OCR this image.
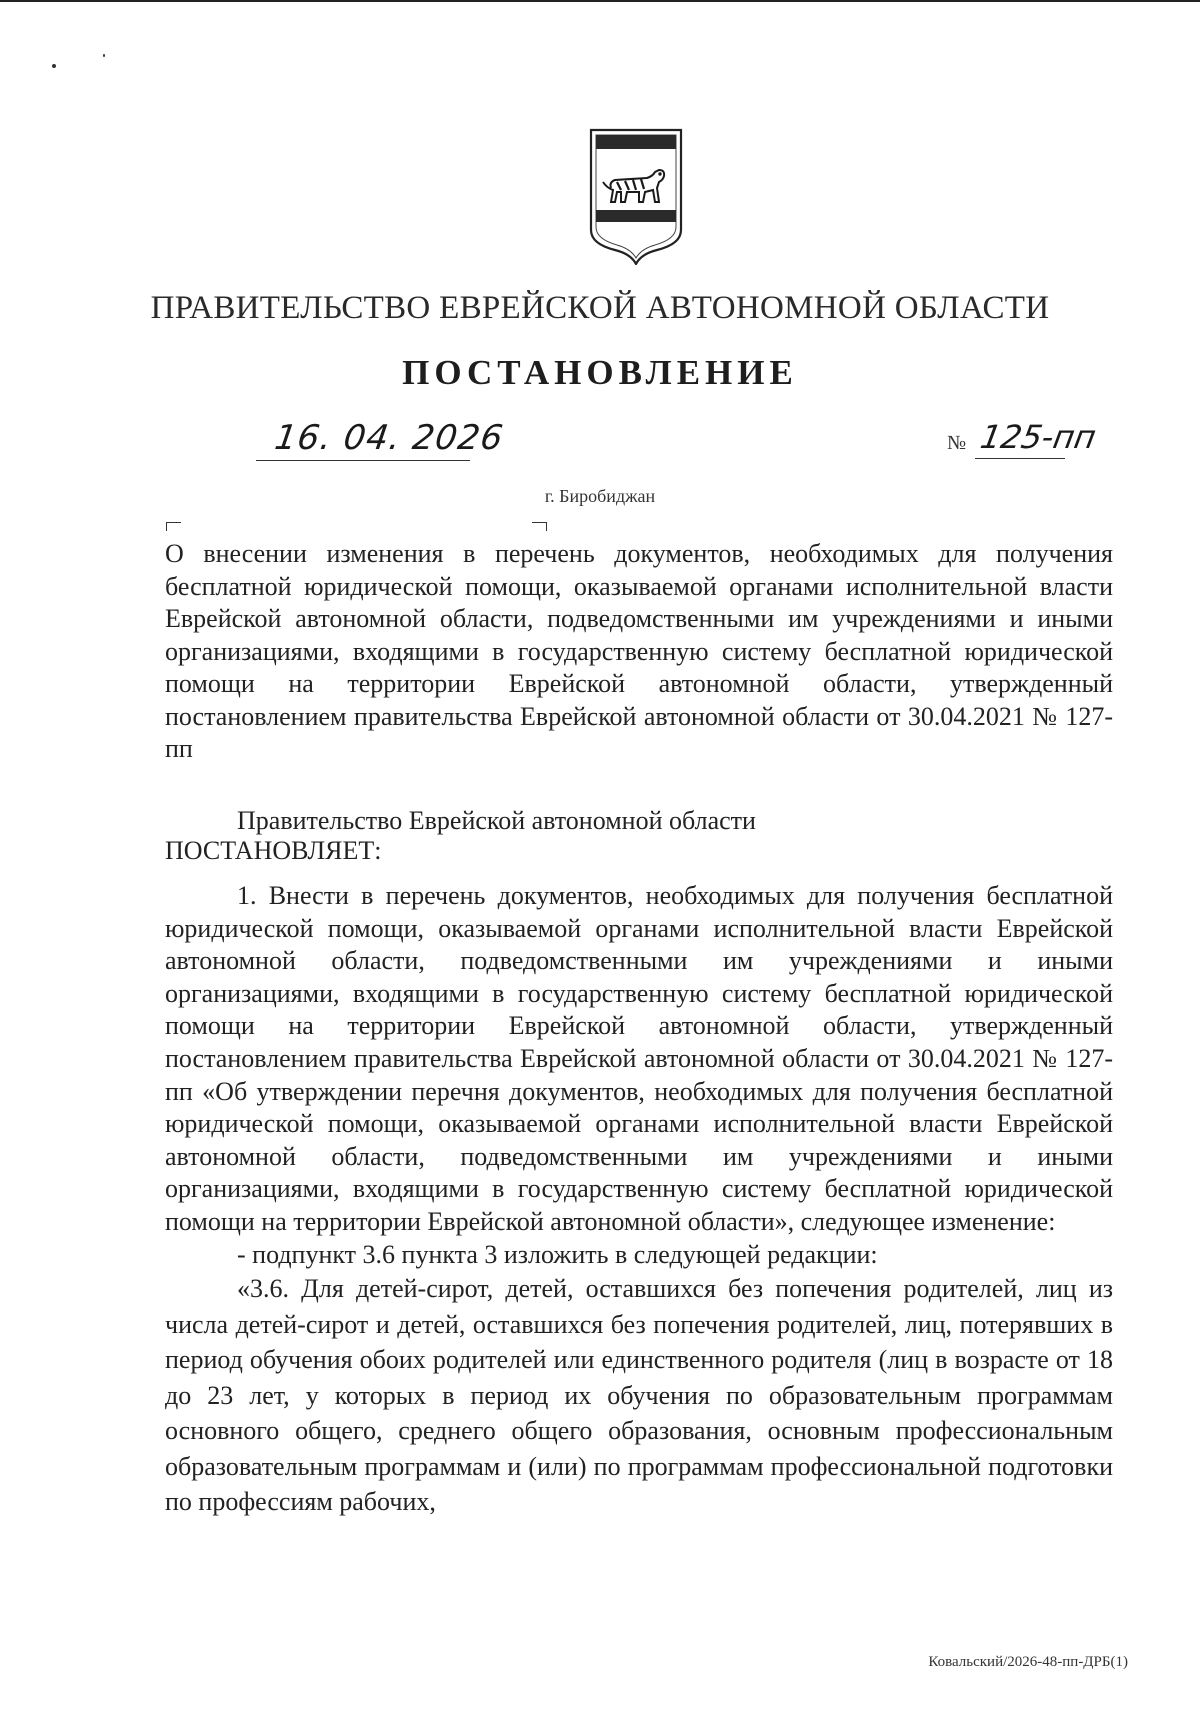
ПРАВИТЕЛЬСТВО ЕВРЕЙСКОЙ АВТОНОМНОЙ ОБЛАСТИ
ПОСТАНОВЛЕНИЕ
16. 04. 2026	№ 125-пп
г. Биробиджан
О внесении изменения в перечень документов, необходимых для получения бесплатной юридической помощи, оказываемой органами исполнительной власти Еврейской автономной области, подведомственными им учреждениями и иными организациями, входящими в государственную систему бесплатной юридической помощи на территории Еврейской автономной области, утвержденный постановлением правительства Еврейской автономной области от 30.04.2021 № 127-пп
Правительство Еврейской автономной области
ПОСТАНОВЛЯЕТ:

1. Внести в перечень документов, необходимых для получения бесплатной юридической помощи, оказываемой органами исполнительной власти Еврейской автономной области, подведомственными им учреждениями и иными организациями, входящими в государственную систему бесплатной юридической помощи на территории Еврейской автономной области, утвержденный постановлением правительства Еврейской автономной области от 30.04.2021 № 127-пп «Об утверждении перечня документов, необходимых для получения бесплатной юридической помощи, оказываемой органами исполнительной власти Еврейской автономной области, подведомственными им учреждениями и иными организациями, входящими в государственную систему бесплатной юридической помощи на территории Еврейской автономной области», следующее изменение:

- подпункт 3.6 пункта 3 изложить в следующей редакции:

«3.6. Для детей-сирот, детей, оставшихся без попечения родителей, лиц из числа детей-сирот и детей, оставшихся без попечения родителей, лиц, потерявших в период обучения обоих родителей или единственного родителя (лиц в возрасте от 18 до 23 лет, у которых в период их обучения по образовательным программам основного общего, среднего общего образования, основным профессиональным образовательным программам и (или) по программам профессиональной подготовки по профессиям рабочих,

Ковальский/2026-48-пп-ДРБ(1)
